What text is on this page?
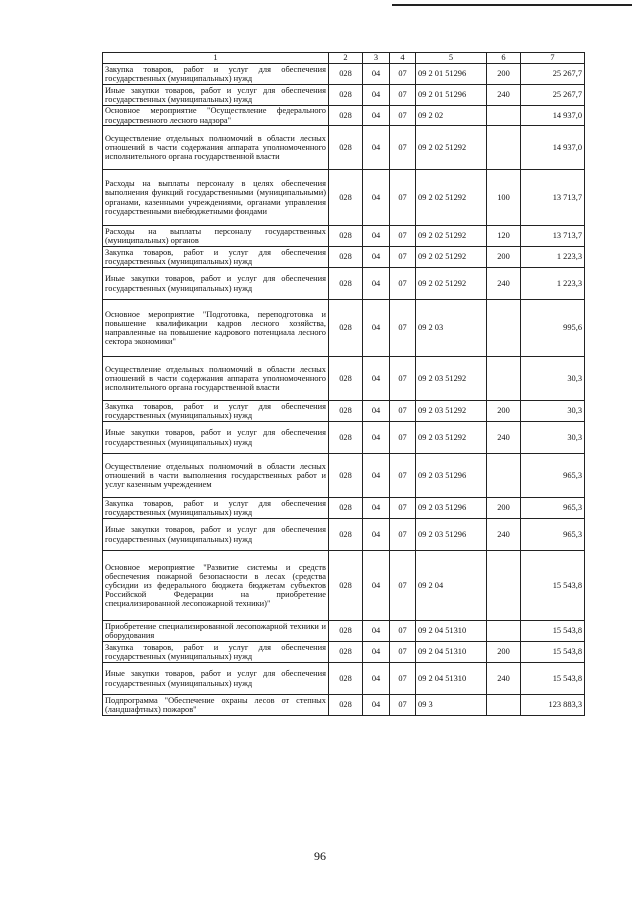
1	2	3	4	5	6	7
Закупка товаров, работ и услуг для обеспечения государственных (муниципальных) нужд	028	04	07	09 2 01 51296	200	25 267,7
Иные закупки товаров, работ и услуг для обеспечения государственных (муниципальных) нужд	028	04	07	09 2 01 51296	240	25 267,7
Основное мероприятие "Осуществление федерального государственного лесного надзора"	028	04	07	09 2 02		14 937,0
Осуществление отдельных полномочий в области лесных отношений в части содержания аппарата уполномоченного исполнительного органа государственной власти	028	04	07	09 2 02 51292		14 937,0
Расходы на выплаты персоналу в целях обеспечения выполнения функций государственными (муниципальными) органами, казенными учреждениями, органами управления государственными внебюджетными фондами	028	04	07	09 2 02 51292	100	13 713,7
Расходы на выплаты персоналу государственных (муниципальных) органов	028	04	07	09 2 02 51292	120	13 713,7
Закупка товаров, работ и услуг для обеспечения государственных (муниципальных) нужд	028	04	07	09 2 02 51292	200	1 223,3
Иные закупки товаров, работ и услуг для обеспечения государственных (муниципальных) нужд	028	04	07	09 2 02 51292	240	1 223,3
Основное мероприятие "Подготовка, переподготовка и повышение квалификации кадров лесного хозяйства, направленные на повышение кадрового потенциала лесного сектора экономики"	028	04	07	09 2 03		995,6
Осуществление отдельных полномочий в области лесных отношений в части содержания аппарата уполномоченного исполнительного органа государственной власти	028	04	07	09 2 03 51292		30,3
Закупка товаров, работ и услуг для обеспечения государственных (муниципальных) нужд	028	04	07	09 2 03 51292	200	30,3
Иные закупки товаров, работ и услуг для обеспечения государственных (муниципальных) нужд	028	04	07	09 2 03 51292	240	30,3
Осуществление отдельных полномочий в области лесных отношений в части выполнения государственных работ и услуг казенным учреждением	028	04	07	09 2 03 51296		965,3
Закупка товаров, работ и услуг для обеспечения государственных (муниципальных) нужд	028	04	07	09 2 03 51296	200	965,3
Иные закупки товаров, работ и услуг для обеспечения государственных (муниципальных) нужд	028	04	07	09 2 03 51296	240	965,3
Основное мероприятие "Развитие системы и средств обеспечения пожарной безопасности в лесах (средства субсидии из федерального бюджета бюджетам субъектов Российской Федерации на приобретение специализированной лесопожарной техники)"	028	04	07	09 2 04		15 543,8
Приобретение специализированной лесопожарной техники и оборудования	028	04	07	09 2 04 51310		15 543,8
Закупка товаров, работ и услуг для обеспечения государственных (муниципальных) нужд	028	04	07	09 2 04 51310	200	15 543,8
Иные закупки товаров, работ и услуг для обеспечения государственных (муниципальных) нужд	028	04	07	09 2 04 51310	240	15 543,8
Подпрограмма "Обеспечение охраны лесов от степных (ландшафтных) пожаров"	028	04	07	09 3		123 883,3
96
